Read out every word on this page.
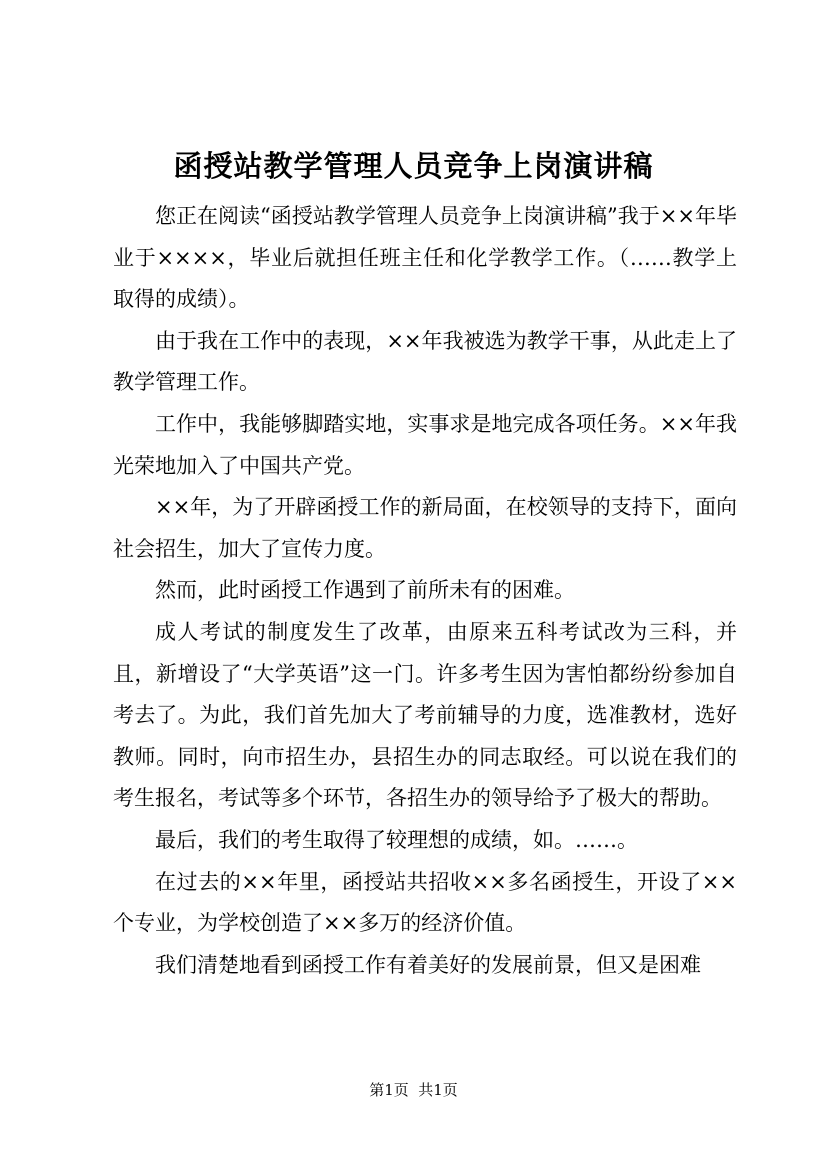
函授站教学管理人员竞争上岗演讲稿

您正在阅读“函授站教学管理人员竞争上岗演讲稿”我于××年毕业于××××，毕业后就担任班主任和化学教学工作。（……教学上取得的成绩）。

由于我在工作中的表现，××年我被选为教学干事，从此走上了教学管理工作。

工作中，我能够脚踏实地，实事求是地完成各项任务。××年我光荣地加入了中国共产党。

××年，为了开辟函授工作的新局面，在校领导的支持下，面向社会招生，加大了宣传力度。

然而，此时函授工作遇到了前所未有的困难。

成人考试的制度发生了改革，由原来五科考试改为三科，并且，新增设了“大学英语”这一门。许多考生因为害怕都纷纷参加自考去了。为此，我们首先加大了考前辅导的力度，选准教材，选好教师。同时，向市招生办，县招生办的同志取经。可以说在我们的考生报名，考试等多个环节，各招生办的领导给予了极大的帮助。

最后，我们的考生取得了较理想的成绩，如。……。

在过去的××年里，函授站共招收××多名函授生，开设了××个专业，为学校创造了××多万的经济价值。

我们清楚地看到函授工作有着美好的发展前景，但又是困难

第1页  共1页
